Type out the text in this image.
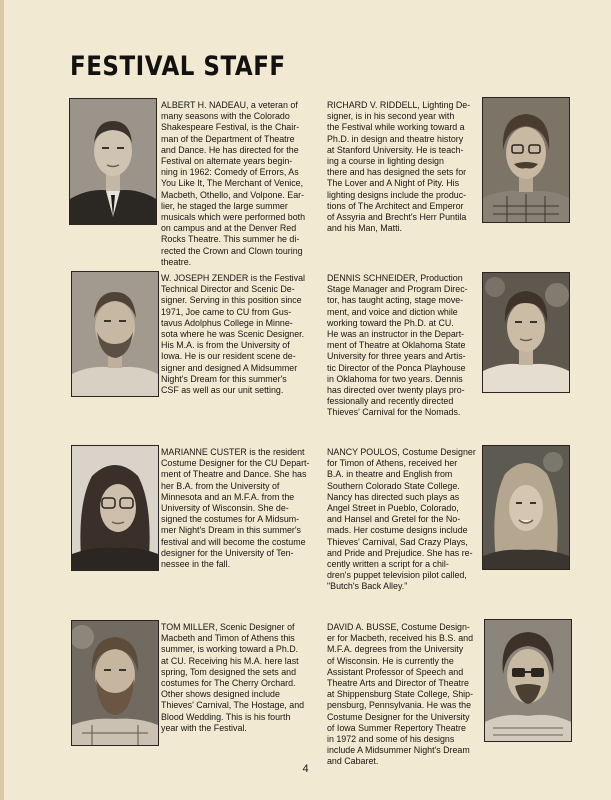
FESTIVAL STAFF
ALBERT H. NADEAU, a veteran of
many seasons with the Colorado
Shakespeare Festival, is the Chair-
man of the Department of Theatre
and Dance. He has directed for the
Festival on alternate years begin-
ning in 1962: Comedy of Errors, As
You Like It, The Merchant of Venice,
Macbeth, Othello, and Volpone. Ear-
lier, he staged the large summer
musicals which were performed both
on campus and at the Denver Red
Rocks Theatre. This summer he di-
rected the Crown and Clown touring
theatre.
RICHARD V. RIDDELL, Lighting De-
signer, is in his second year with
the Festival while working toward a
Ph.D. in design and theatre history
at Stanford University. He is teach-
ing a course in lighting design
there and has designed the sets for
The Lover and A Night of Pity. His
lighting designs include the produc-
tions of The Architect and Emperor
of Assyria and Brecht's Herr Puntila
and his Man, Matti.
W. JOSEPH ZENDER is the Festival
Technical Director and Scenic De-
signer. Serving in this position since
1971, Joe came to CU from Gus-
tavus Adolphus College in Minne-
sota where he was Scenic Designer.
His M.A. is from the University of
Iowa. He is our resident scene de-
signer and designed A Midsummer
Night's Dream for this summer's
CSF as well as our unit setting.
DENNIS SCHNEIDER, Production
Stage Manager and Program Direc-
tor, has taught acting, stage move-
ment, and voice and diction while
working toward the Ph.D. at CU.
He was an instructor in the Depart-
ment of Theatre at Oklahoma State
University for three years and Artis-
tic Director of the Ponca Playhouse
in Oklahoma for two years. Dennis
has directed over twenty plays pro-
fessionally and recently directed
Thieves' Carnival for the Nomads.
MARIANNE CUSTER is the resident
Costume Designer for the CU Depart-
ment of Theatre and Dance. She has
her B.A. from the University of
Minnesota and an M.F.A. from the
University of Wisconsin. She de-
signed the costumes for A Midsum-
mer Night's Dream in this summer's
festival and will become the costume
designer for the University of Ten-
nessee in the fall.
NANCY POULOS, Costume Designer
for Timon of Athens, received her
B.A. in theatre and English from
Southern Colorado State College.
Nancy has directed such plays as
Angel Street in Pueblo, Colorado,
and Hansel and Gretel for the No-
mads. Her costume designs include
Thieves' Carnival, Sad Crazy Plays,
and Pride and Prejudice. She has re-
cently written a script for a chil-
dren's puppet television pilot called,
"Butch's Back Alley."
TOM MILLER, Scenic Designer of
Macbeth and Timon of Athens this
summer, is working toward a Ph.D.
at CU. Receiving his M.A. here last
spring, Tom designed the sets and
costumes for The Cherry Orchard.
Other shows designed include
Thieves' Carnival, The Hostage, and
Blood Wedding. This is his fourth
year with the Festival.
DAVID A. BUSSE, Costume Design-
er for Macbeth, received his B.S. and
M.F.A. degrees from the University
of Wisconsin. He is currently the
Assistant Professor of Speech and
Theatre Arts and Director of Theatre
at Shippensburg State College, Ship-
pensburg, Pennsylvania. He was the
Costume Designer for the University
of Iowa Summer Repertory Theatre
in 1972 and some of his designs
include A Midsummer Night's Dream
and Cabaret.
4
